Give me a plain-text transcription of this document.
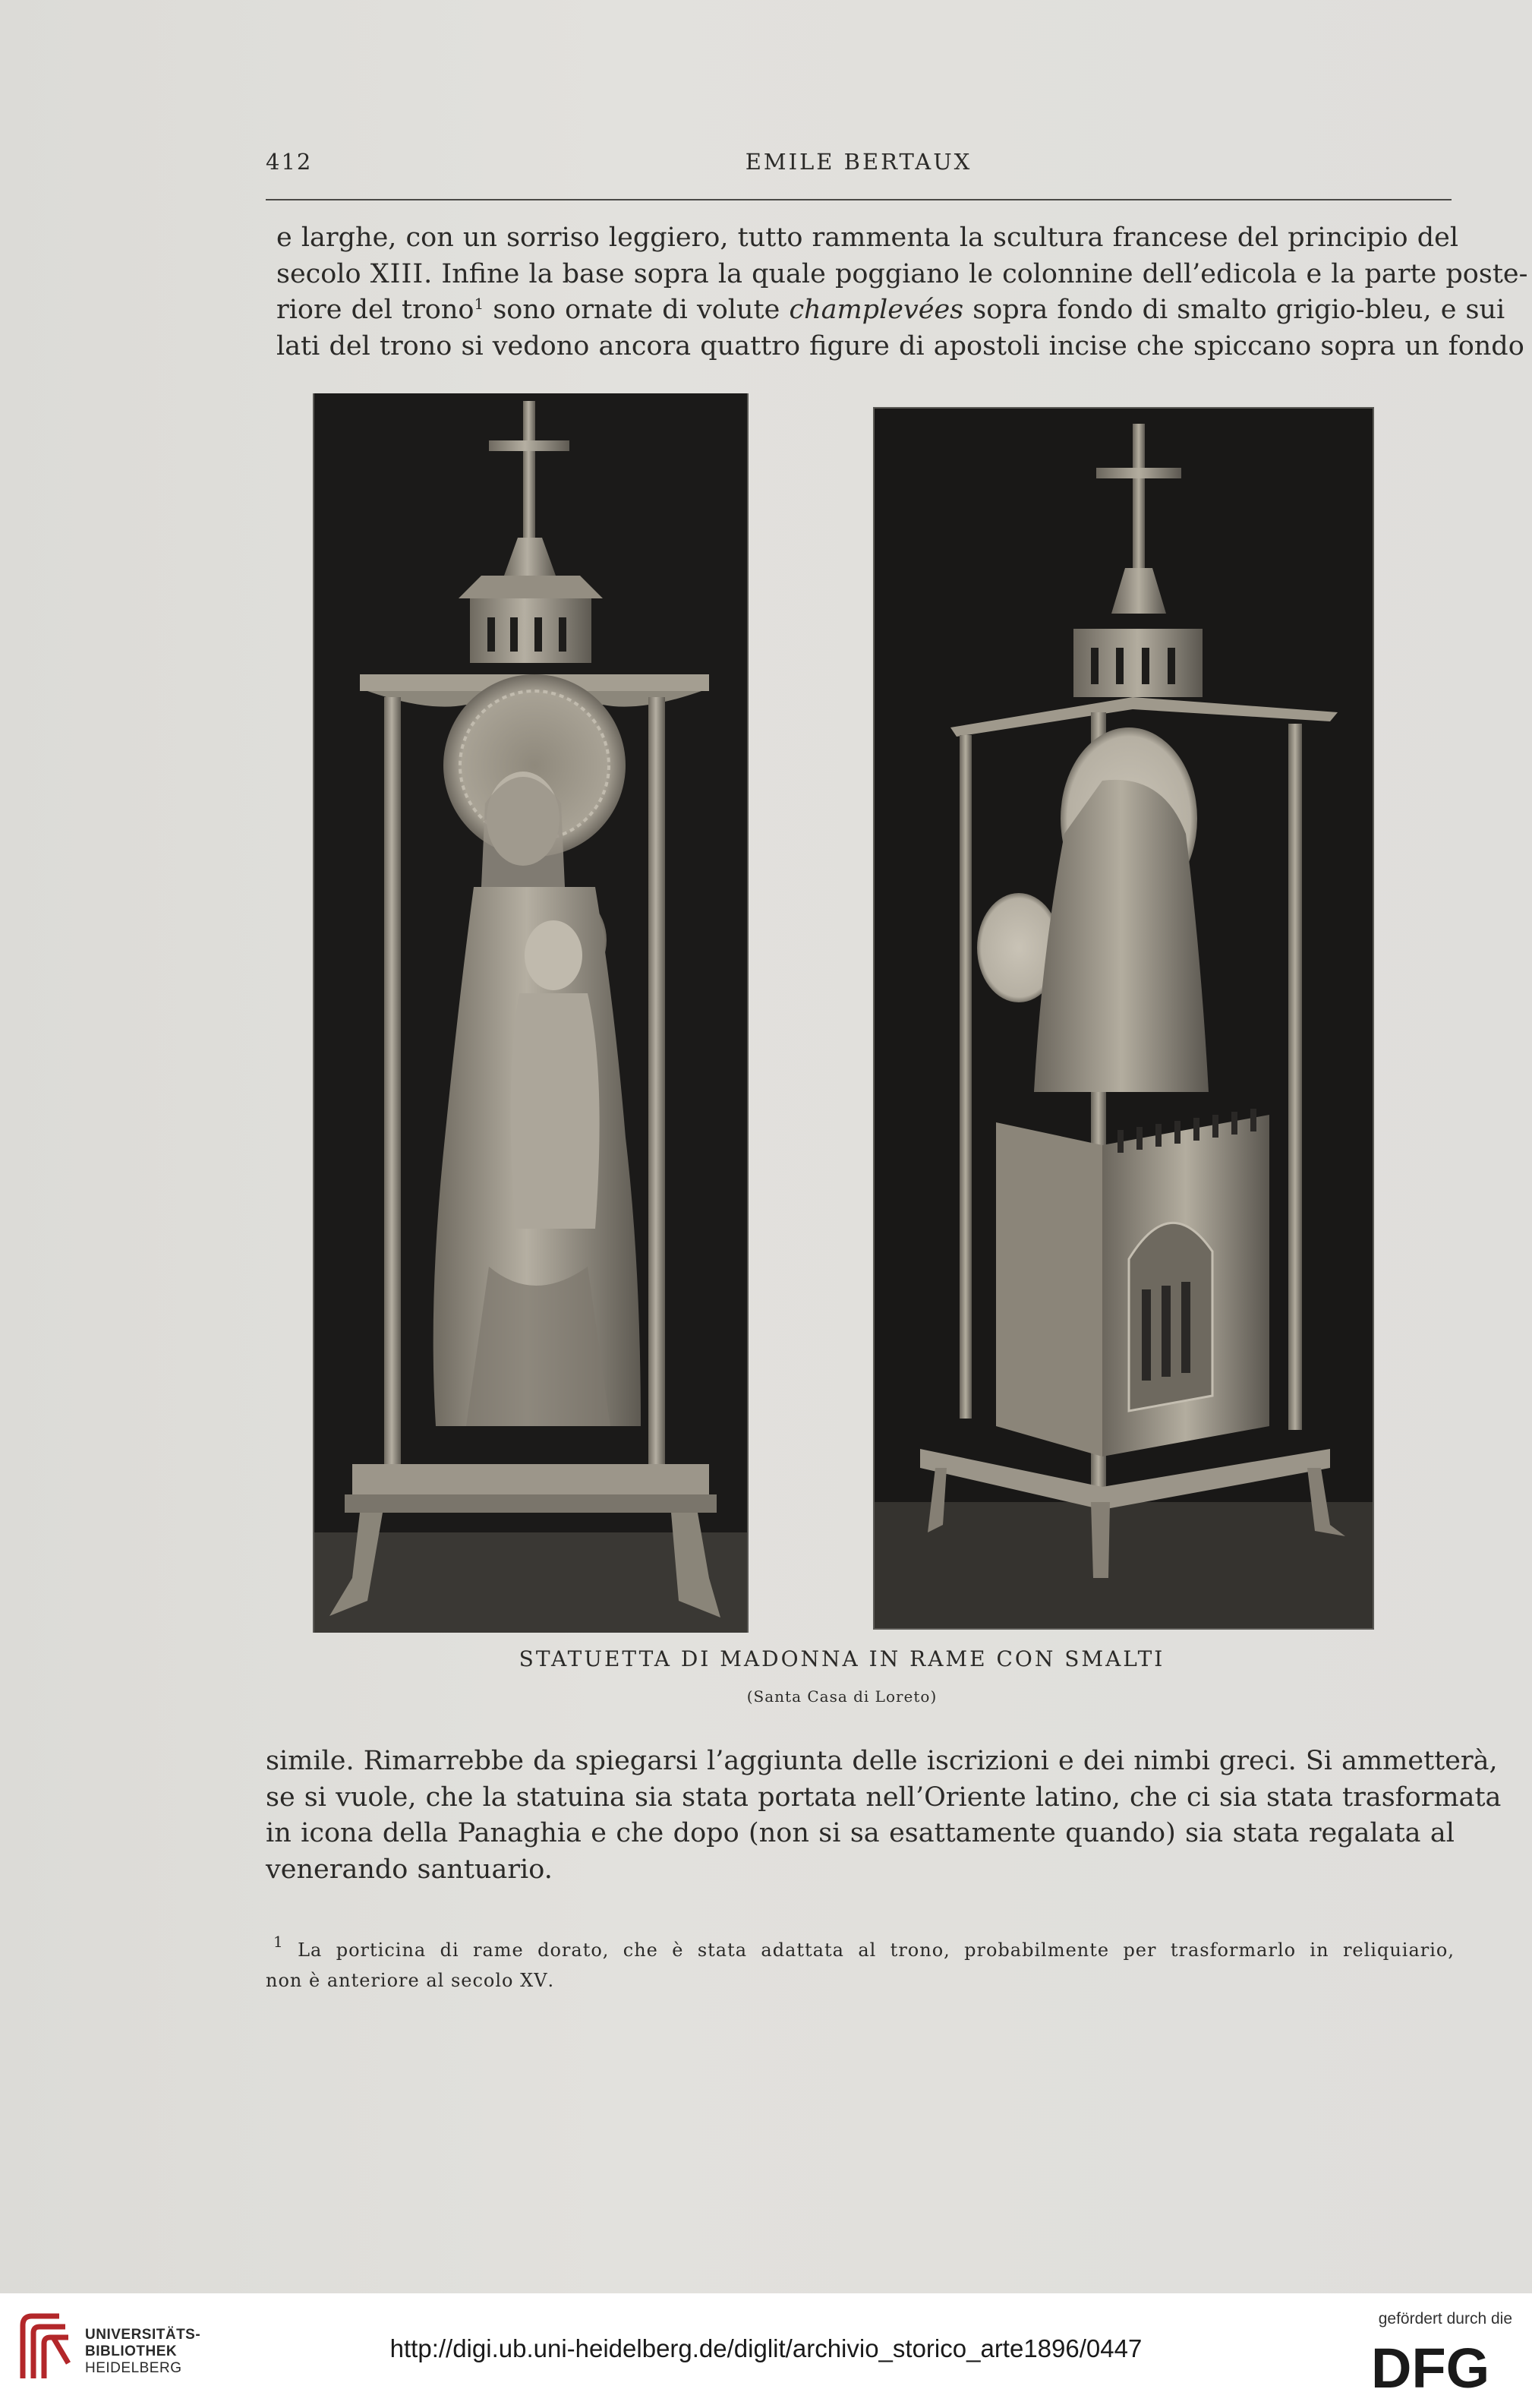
412	EMILE BERTAUX
e larghe, con un sorriso leggiero, tutto rammenta la scultura francese del principio del
secolo XIII. Infine la base sopra la quale poggiano le colonnine dell’edicola e la parte poste-
riore del trono$^1$ sono ornate di volute champlevées sopra fondo di smalto grigio-bleu, e sui
lati del trono si vedono ancora quattro figure di apostoli incise che spiccano sopra un fondo
STATUETTA DI MADONNA IN RAME CON SMALTI
(Santa Casa di Loreto)
simile. Rimarrebbe da spiegarsi l’aggiunta delle iscrizioni e dei nimbi greci. Si ammetterà,
se si vuole, che la statuina sia stata portata nell’Oriente latino, che ci sia stata trasformata
in icona della Panaghia e che dopo (non si sa esattamente quando) sia stata regalata al
venerando santuario.
$^1$ La porticina di rame dorato, che è stata adattata al trono, probabilmente per trasformarlo in reliquiario,
non è anteriore al secolo XV.
UNIVERSITÄTS-
BIBLIOTHEK
HEIDELBERG
http://digi.ub.uni-heidelberg.de/diglit/archivio_storico_arte1896/0447
gefördert durch die
DFG
